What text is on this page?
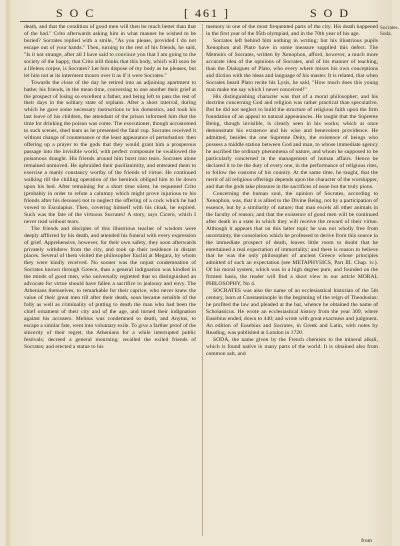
S O C	[ 461 ]	S O D

death, and that the condition of good men will then be much better than that of the bad." Crito afterwards asking him in what manner he wished to be buried? Socrates replied with a smile, "As you please, provided I do not escape out of your hands." Then, turning to the rest of his friends, he said, "Is it not strange, after all I have said to convince you that I am going to the society of the happy, that Crito still thinks that this body, which will soon be a lifeless corpse, is Socrates? Let him dispose of my body as he pleases, but let him not at its interment mourn over it as if it were Socrates."

Towards the close of the day he retired into an adjoining apartment to bathe; his friends, in the mean time, conversing to one another their grief at the prospect of losing so excellent a father, and being left to pass the rest of their days in the solitary state of orphans. After a short interval, during which he gave some necessary instructions to his domestics, and took his last leave of his children, the attendant of the prison informed him that the time for drinking the poison was come. The executioner, though accustomed to such scenes, shed tears as he presented the fatal cup. Socrates received it without change of countenance or the least appearance of perturbation: then offering up a prayer to the gods that they would grant him a prosperous passage into the invisible world, with perfect composure he swallowed the poisonous draught. His friends around him burst into tears. Socrates alone remained unmoved. He upbraided their pusillanimity, and entreated them to exercise a manly constancy worthy of the friends of virtue. He continued walking till the chilling operation of the hemlock obliged him to lie down upon his bed. After remaining for a short time silent, he requested Crito (probably in order to refute a calumny which might prove injurious to his friends after his decease) not to neglect the offering of a cock which he had vowed to Esculapius. Then, covering himself with his cloak, he expired. Such was the fate of the virtuous Socrates! A story, says Cicero, which I never read without tears.

The friends and disciples of this illustrious teacher of wisdom were deeply afflicted by his death, and attended his funeral with every expression of grief. Apprehensive, however, for their own safety, they soon afterwards privately withdrew from the city, and took up their residence in distant places. Several of them visited the philosopher Euclid at Megara, by whom they were kindly received. No sooner was the unjust condemnation of Socrates known through Greece, than a general indignation was kindled in the minds of good men, who universally regretted that so distinguished an advocate for virtue should have fallen a sacrifice to jealousy and envy. The Athenians themselves, to remarkable for their caprice, who never knew the value of their great men till after their death, soon became sensible of the folly as well as criminality of putting to death the man who had been the chief ornament of their city and of the age, and turned their indignation against his accusers. Melitus was condemned to death, and Anytus, to escape a similar fate, went into voluntary exile. To give a farther proof of the sincerity of their regret, the Athenians for a while interrupted public festivals; decreed a general mourning; recalled the exiled friends of Socrates; and erected a statue to his

memory in one of the most frequented parts of the city. His death happened in the first year of the 95th olympiad, and in the 70th year of his age.

Socrates left behind him nothing in writing; but his illustrious pupils Xenophon and Plato have in some measure supplied this defect. The Memoirs of Socrates, written by Xenophon, afford, however, a much more accurate idea of the opinions of Socrates, and of his manner of teaching, than the Dialogues of Plato, who every where mixes his own conceptions and diction with the ideas and language of his master. It is related, that when Socrates heard Plato recite his Lysis, he said, "How much does this young man make me say which I never conceived!"

His distinguishing character was that of a moral philosopher; and his doctrine concerning God and religion was rather practical than speculative. But he did not neglect to build the structure of religious faith upon the firm foundation of an appeal to natural appearances. He taught that the Supreme Being, though invisible, is clearly seen in his works; which at once demonstrate his existence and his wise and benevolent providence. He admitted, besides the one Supreme Deity, the existence of beings who possess a middle station between God and man, to whose immediate agency he ascribed the ordinary phenomena of nature, and whom he supposed to be particularly concerned in the management of human affairs. Hence he declared it to be the duty of every one, in the performance of religious rites, to follow the customs of his country. At the same time, he taught, that the merit of all religious offerings depends upon the character of the worshipper, and that the gods take pleasure in the sacrifices of none but the truly pious.

Concerning the human soul, the opinion of Socrates, according to Xenophon, was, that it is allied to the Divine Being, not by a participation of essence, but by a similarity of nature; that man excels all other animals in the faculty of reason; and that the existence of good men will be continued after death in a state in which they will receive the reward of their virtue. Although it appears that on this latter topic he was not wholly free from uncertainty, the consolation which he professed to derive from this source in the immediate prospect of death, leaves little room to doubt that he entertained a real expectation of immortality; and there is reason to believe that he was the only philosopher of ancient Greece whose principles admitted of such an expectation (see METAPHYSICS, Part III. Chap. iv.). Of his moral system, which was in a high degree pure, and founded on the firmest basis, the reader will find a short view in our article MORAL PHILOSOPHY, No 4.

SOCRATES was also the name of an ecclesiastical historian of the 5th century, born at Constantinople in the beginning of the reign of Theodosius: he profited the law and pleaded at the bar, whence he obtained the name of Scholasticus. He wrote an ecclesiastical history from the year 309, where Eusebius ended, down to 440; and wrote with great exactness and judgment. An edition of Eusebius and Socrates, in Greek and Latin, with notes by Reading, was published at London in 1720.

SODA, the name given by the French chemists to the mineral alkali, which is found native in many parts of the world. It is obtained also from common salt, and

Socrates. Soda.
from
